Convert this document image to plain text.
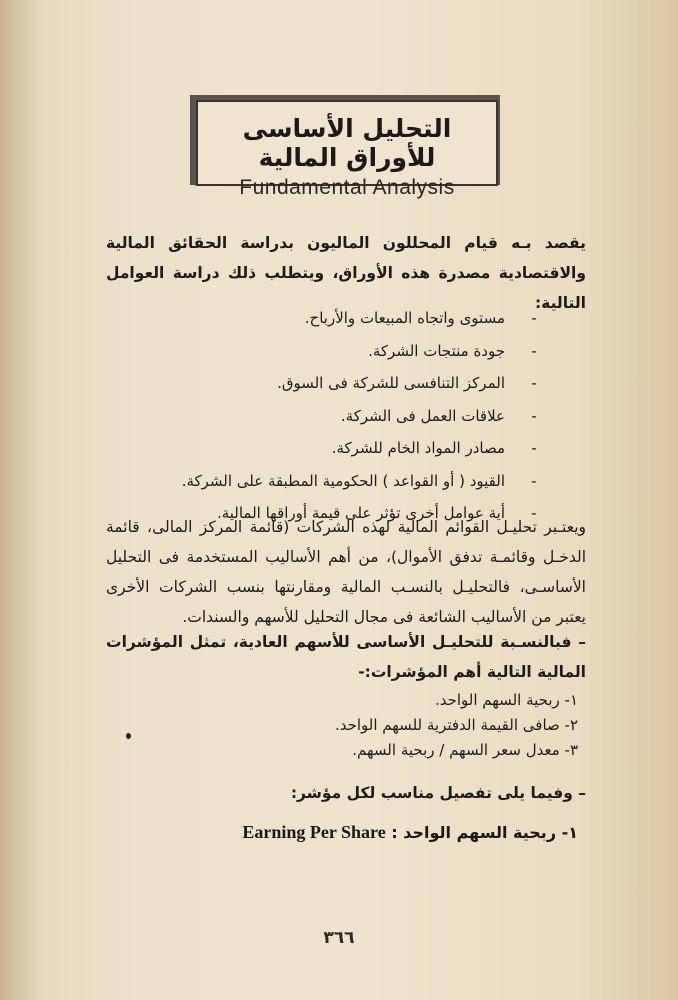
التحليل الأساسى للأوراق المالية
Fundamental Analysis

يقصد بـه قيام المحللون الماليون بدراسة الحقائق المالية والاقتصادية مصدرة هذه الأوراق، ويتطلب ذلك دراسة العوامل التالية:

-مستوى واتجاه المبيعات والأرباح.
-جودة منتجات الشركة.
-المركز التنافسى للشركة فى السوق.
-علاقات العمل فى الشركة.
-مصادر المواد الخام للشركة.
-القيود ( أو القواعد ) الحكومية المطبقة على الشركة.
-أية عوامل أخرى تؤثر على قيمة أوراقها المالية.

ويعتـبر تحليـل القوائم المالية لهذه الشركات (قائمة المركز المالى، قائمة الدخـل وقائمـة تدفق الأموال)، من أهم الأساليب المستخدمة فى التحليل الأساسـى، فالتحليـل بالنسـب المالية ومقارنتها بنسب الشركات الأخرى يعتبر من الأساليب الشائعة فى مجال التحليل للأسهم والسندات.

– فبالنسـبة للتحليـل الأساسى للأسهم العادية، تمثل المؤشرات المالية التالية أهم المؤشرات:-

١- ربحية السهم الواحد.
٢- صافى القيمة الدفترية للسهم الواحد.
٣- معدل سعر السهم / ربحية السهم.

– وفيما يلى تفصيل مناسب لكل مؤشر:

١- ربحية السهم الواحد : Earning Per Share
٣٦٦
